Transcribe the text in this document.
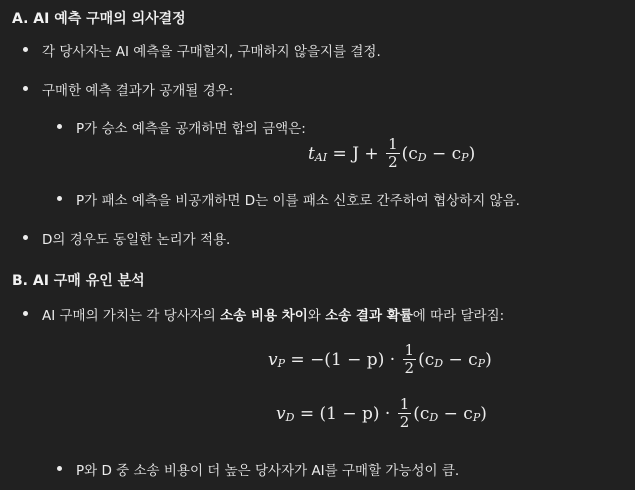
A. AI 예측 구매의 의사결정
각 당사자는 AI 예측을 구매할지, 구매하지 않을지를 결정.
구매한 예측 결과가 공개될 경우:
P가 승소 예측을 공개하면 합의 금액은:
t AI = $J + \frac{1}{2} (c$ D − c P )
P가 패소 예측을 비공개하면 D는 이를 패소 신호로 간주하여 협상하지 않음.
D의 경우도 동일한 논리가 적용.
B. AI 구매 유인 분석
AI 구매의 가치는 각 당사자의 소송 비용 차이와 소송 결과 확률에 따라 달라짐:
v $P = -(1 - p) \cdot \frac{1}{2} (c$ D − c P )
v $D = (1 - p) \cdot \frac{1}{2} (c$ D − c P )
P와 D 중 소송 비용이 더 높은 당사자가 AI를 구매할 가능성이 큼.
